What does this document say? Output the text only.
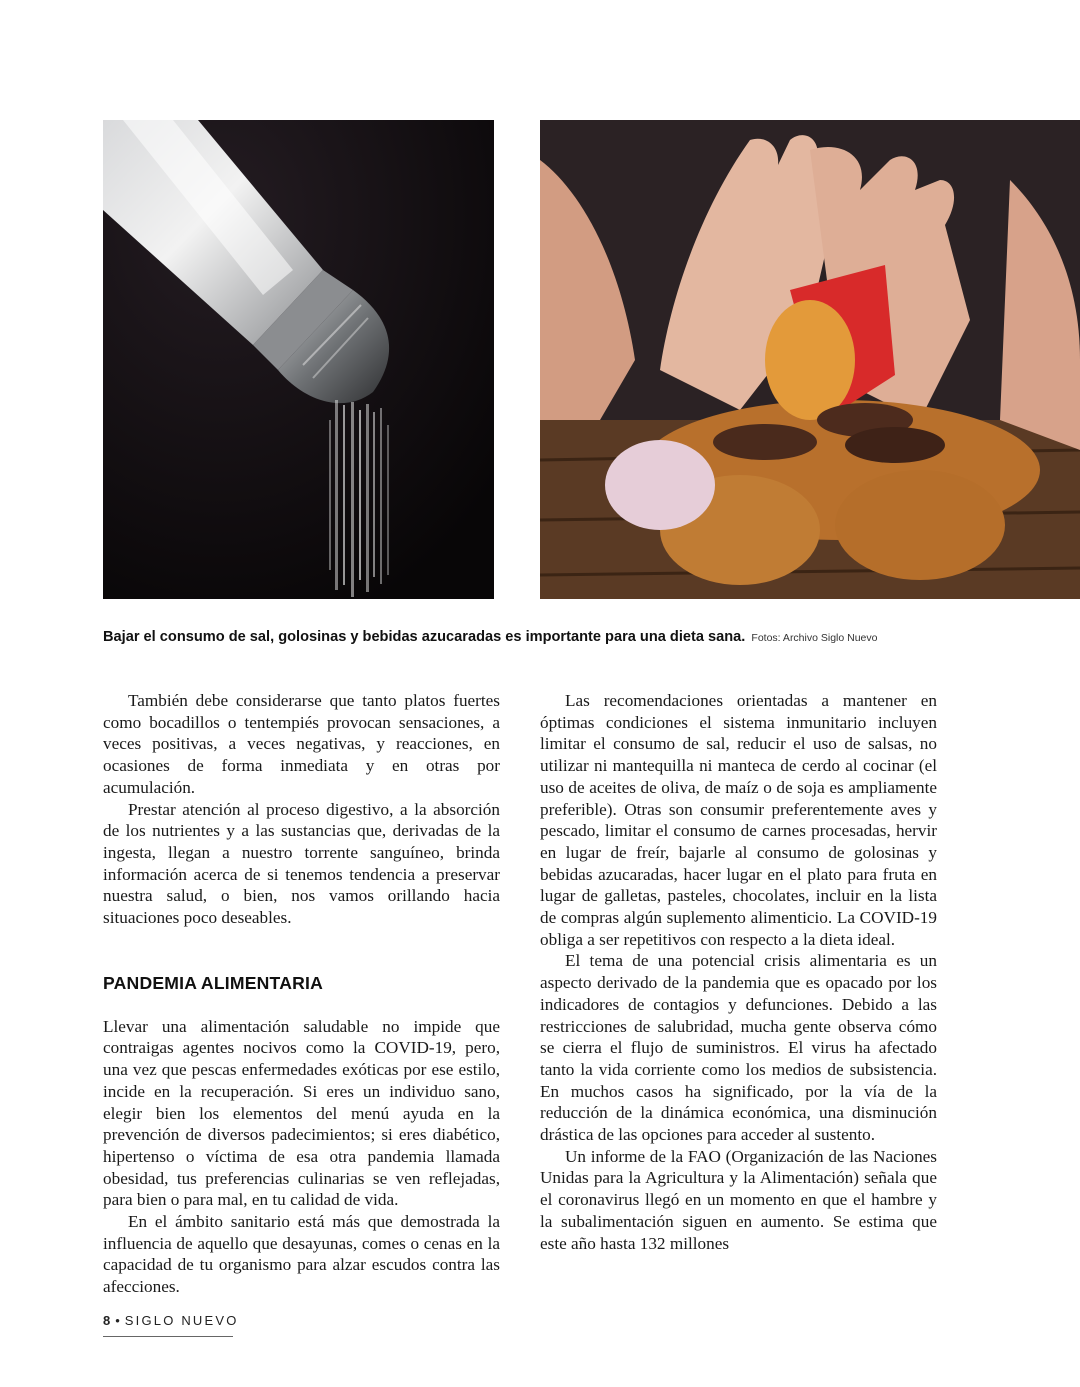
Bajar el consumo de sal, golosinas y bebidas azucaradas es importante para una dieta sana. Fotos: Archivo Siglo Nuevo

También debe considerarse que tanto platos fuertes como bocadillos o tentempiés provocan sensaciones, a veces positivas, a veces negativas, y reacciones, en ocasiones de forma inmediata y en otras por acumulación.

Prestar atención al proceso digestivo, a la absorción de los nutrientes y a las sustancias que, derivadas de la ingesta, llegan a nuestro torrente sanguíneo, brinda información acerca de si tenemos tendencia a preservar nuestra salud, o bien, nos vamos orillando hacia situaciones poco deseables.

PANDEMIA ALIMENTARIA

Llevar una alimentación saludable no impide que contraigas agentes nocivos como la COVID-19, pero, una vez que pescas enfermedades exóticas por ese estilo, incide en la recuperación. Si eres un individuo sano, elegir bien los elementos del menú ayuda en la prevención de diversos padecimientos; si eres diabético, hipertenso o víctima de esa otra pandemia llamada obesidad, tus preferencias culinarias se ven reflejadas, para bien o para mal, en tu calidad de vida.

En el ámbito sanitario está más que demostrada la influencia de aquello que desayunas, comes o cenas en la capacidad de tu organismo para alzar escudos contra las afecciones.

Las recomendaciones orientadas a mantener en óptimas condiciones el sistema inmunitario incluyen limitar el consumo de sal, reducir el uso de salsas, no utilizar ni mantequilla ni manteca de cerdo al cocinar (el uso de aceites de oliva, de maíz o de soja es ampliamente preferible). Otras son consumir preferentemente aves y pescado, limitar el consumo de carnes procesadas, hervir en lugar de freír, bajarle al consumo de golosinas y bebidas azucaradas, hacer lugar en el plato para fruta en lugar de galletas, pasteles, chocolates, incluir en la lista de compras algún suplemento alimenticio. La COVID-19 obliga a ser repetitivos con respecto a la dieta ideal.

El tema de una potencial crisis alimentaria es un aspecto derivado de la pandemia que es opacado por los indicadores de contagios y defunciones. Debido a las restricciones de salubridad, mucha gente observa cómo se cierra el flujo de suministros. El virus ha afectado tanto la vida corriente como los medios de subsistencia. En muchos casos ha significado, por la vía de la reducción de la dinámica económica, una disminución drástica de las opciones para acceder al sustento.

Un informe de la FAO (Organización de las Naciones Unidas para la Agricultura y la Alimentación) señala que el coronavirus llegó en un momento en que el hambre y la subalimentación siguen en aumento. Se estima que este año hasta 132 millones

8 • SIGLO NUEVO
